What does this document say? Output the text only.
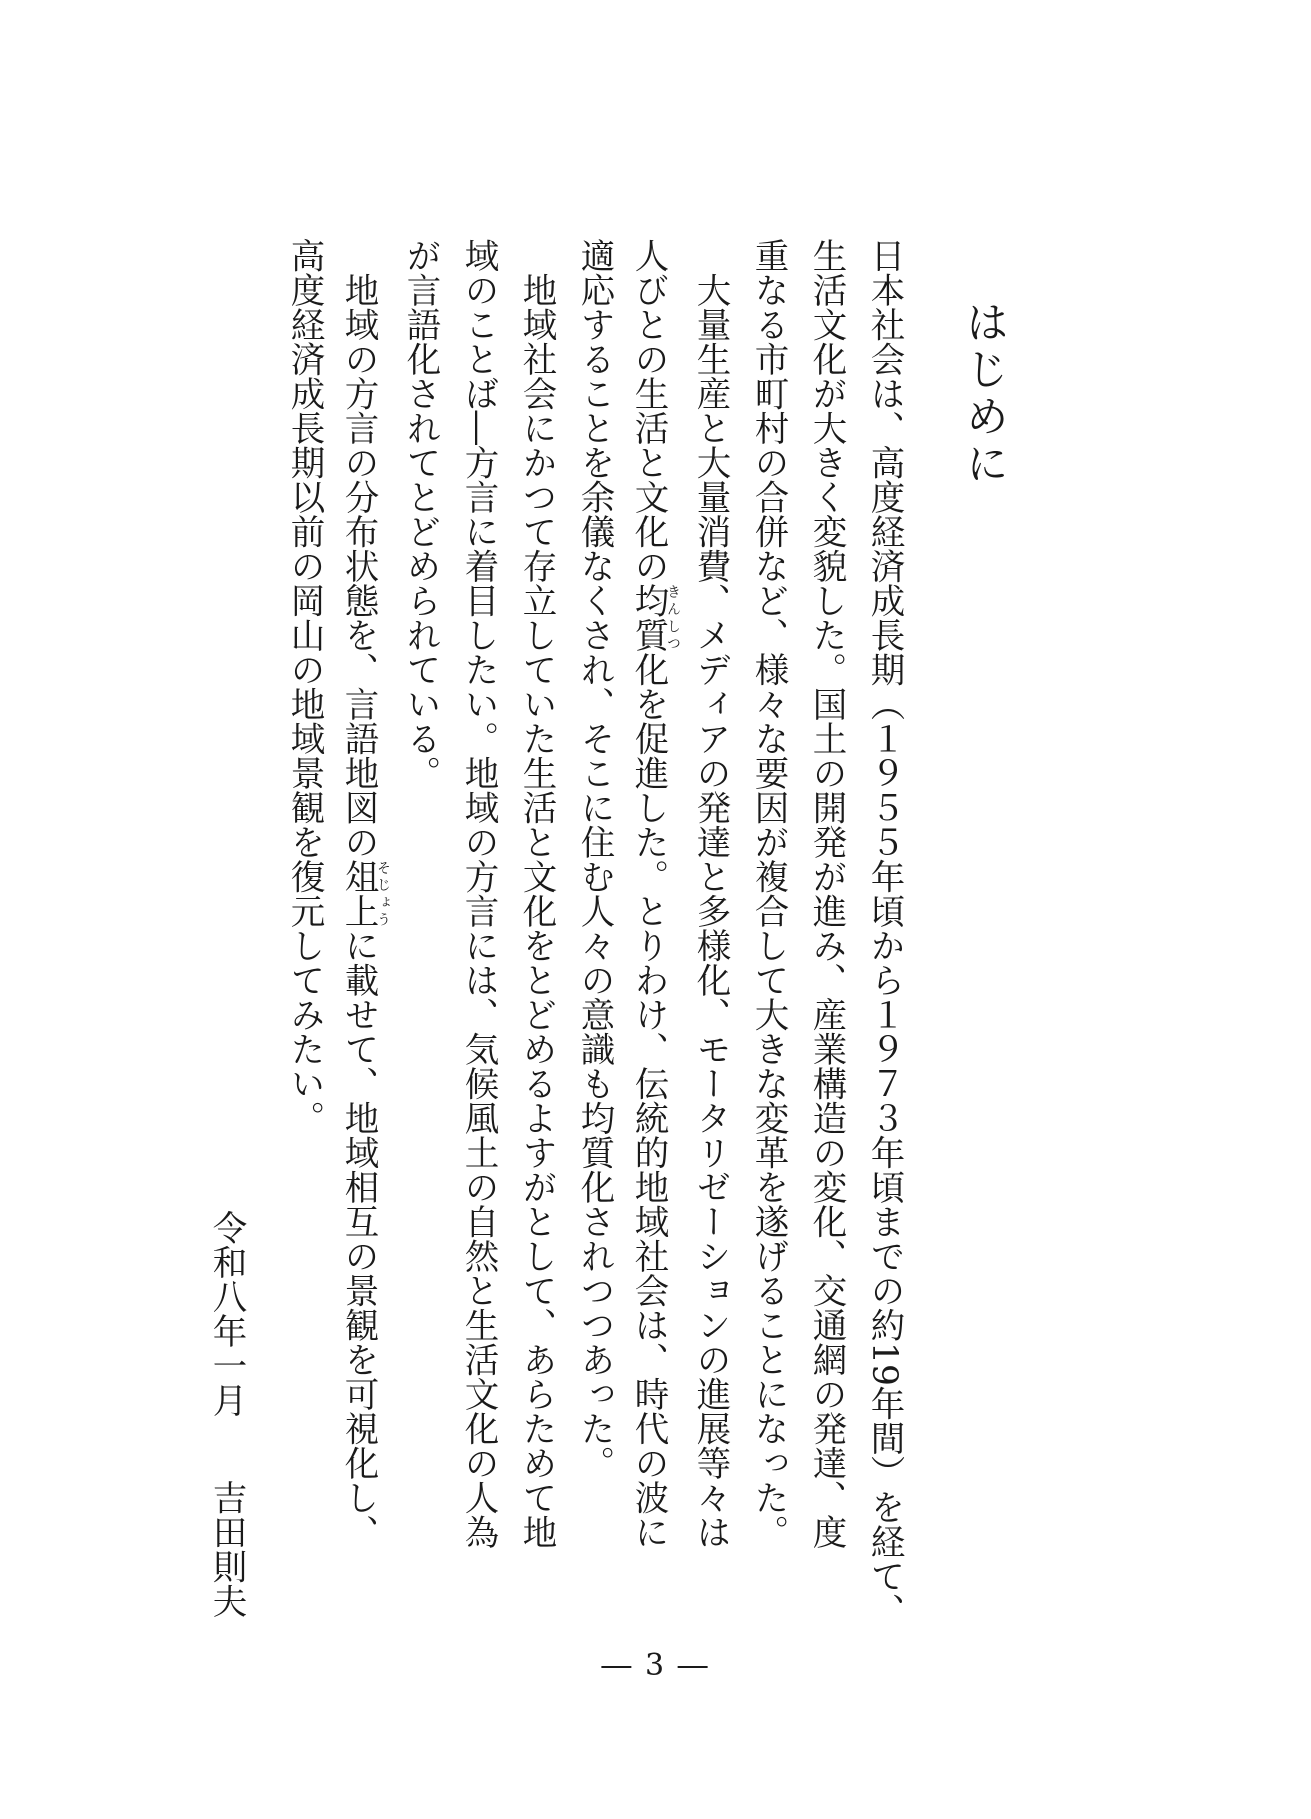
はじめに
日本社会は、高度経済成長期（１９５５年頃から１９７３年頃までの約19年間）を経て、
生活文化が大きく変貌した。国土の開発が進み、産業構造の変化、交通網の発達、度
重なる市町村の合併など、様々な要因が複合して大きな変革を遂げることになった。
　大量生産と大量消費、メディアの発達と多様化、モータリゼーションの進展等々は
人びとの生活と文化の均質きんしつ化を促進した。とりわけ、伝統的地域社会は、時代の波に
適応することを余儀なくされ、そこに住む人々の意識も均質化されつつあった。
　地域社会にかつて存立していた生活と文化をとどめるよすがとして、あらためて地
域のことば―方言に着目したい。地域の方言には、気候風土の自然と生活文化の人為
が言語化されてとどめられている。
　地域の方言の分布状態を、言語地図の俎上そじょうに載せて、地域相互の景観を可視化し、
高度経済成長期以前の岡山の地域景観を復元してみたい。
令和八年一月
吉田則夫
― 3 ―
